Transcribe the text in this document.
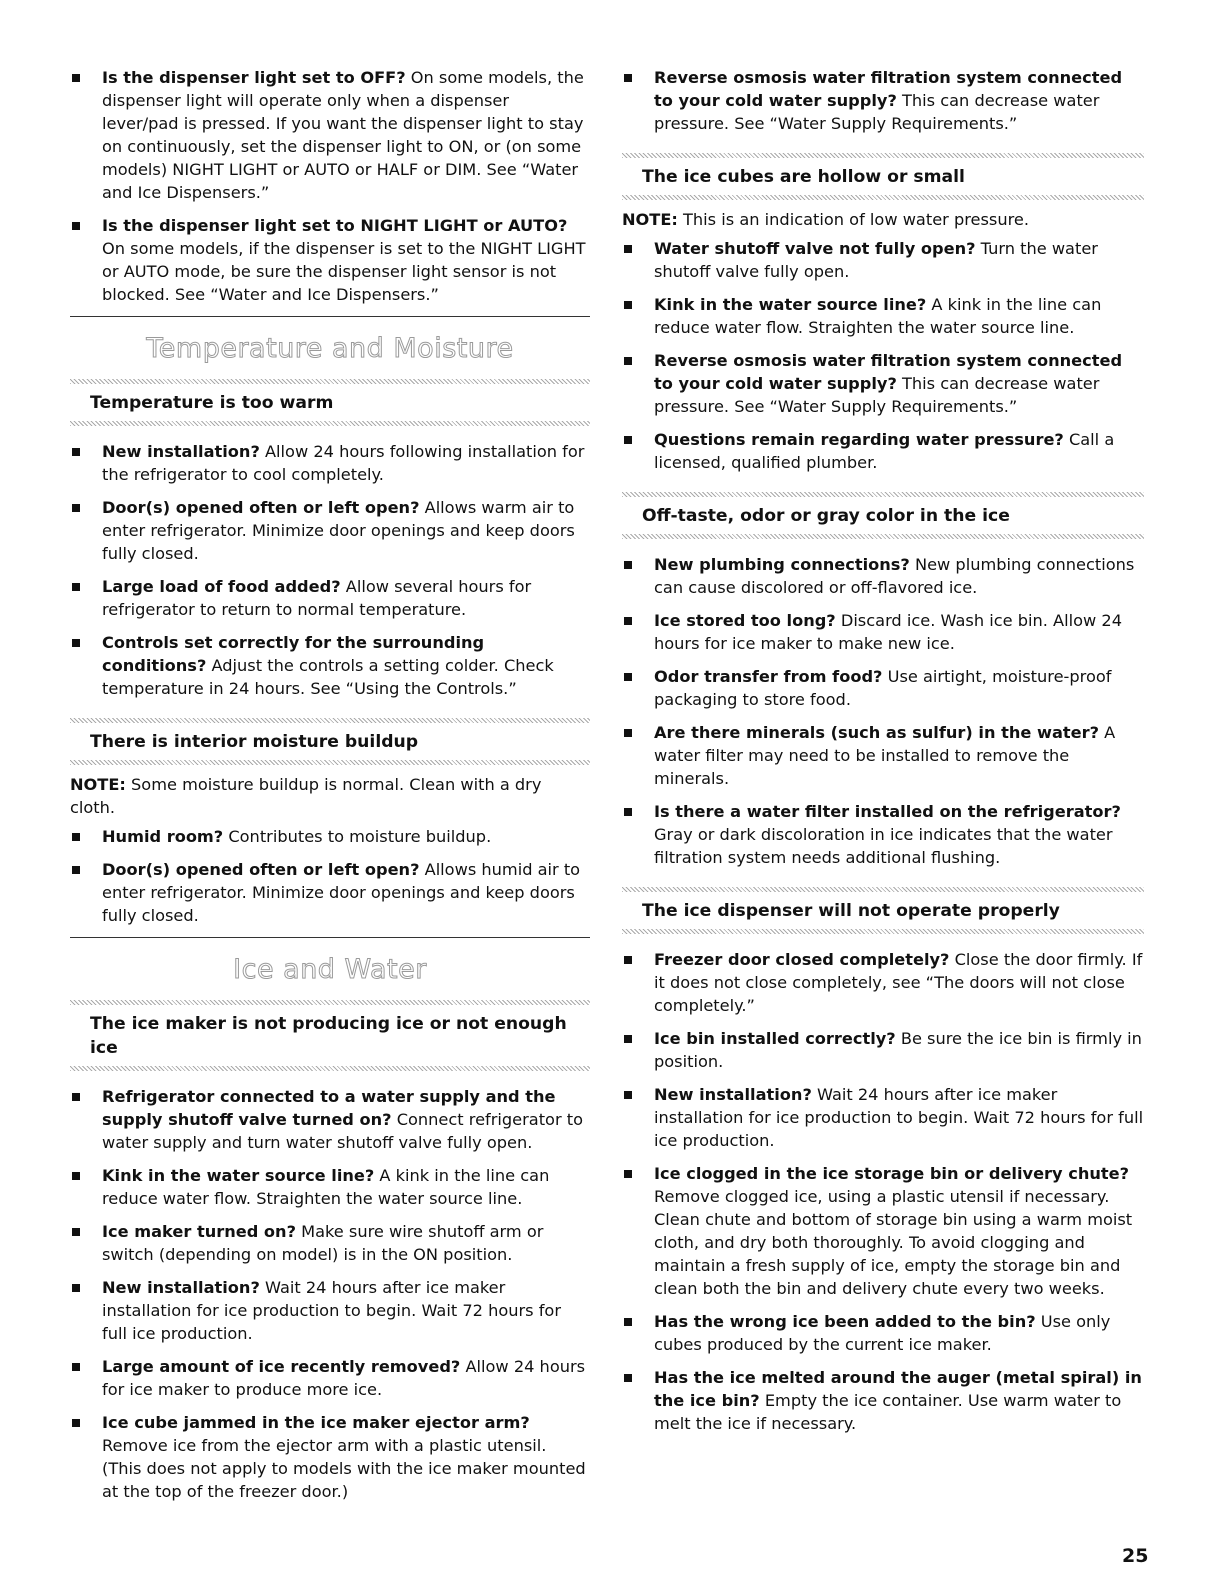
Is the dispenser light set to OFF? On some models, the dispenser light will operate only when a dispenser lever/pad is pressed. If you want the dispenser light to stay on continuously, set the dispenser light to ON, or (on some models) NIGHT LIGHT or AUTO or HALF or DIM. See “Water and Ice Dispensers.”
Is the dispenser light set to NIGHT LIGHT or AUTO? On some models, if the dispenser is set to the NIGHT LIGHT or AUTO mode, be sure the dispenser light sensor is not blocked. See “Water and Ice Dispensers.”
Temperature and Moisture
Temperature is too warm
New installation? Allow 24 hours following installation for the refrigerator to cool completely.
Door(s) opened often or left open? Allows warm air to enter refrigerator. Minimize door openings and keep doors fully closed.
Large load of food added? Allow several hours for refrigerator to return to normal temperature.
Controls set correctly for the surrounding conditions? Adjust the controls a setting colder. Check temperature in 24 hours. See “Using the Controls.”
There is interior moisture buildup
NOTE: Some moisture buildup is normal. Clean with a dry cloth.
Humid room? Contributes to moisture buildup.
Door(s) opened often or left open? Allows humid air to enter refrigerator. Minimize door openings and keep doors fully closed.
Ice and Water
The ice maker is not producing ice or not enough ice
Refrigerator connected to a water supply and the supply shutoff valve turned on? Connect refrigerator to water supply and turn water shutoff valve fully open.
Kink in the water source line? A kink in the line can reduce water flow. Straighten the water source line.
Ice maker turned on? Make sure wire shutoff arm or switch (depending on model) is in the ON position.
New installation? Wait 24 hours after ice maker installation for ice production to begin. Wait 72 hours for full ice production.
Large amount of ice recently removed? Allow 24 hours for ice maker to produce more ice.
Ice cube jammed in the ice maker ejector arm? Remove ice from the ejector arm with a plastic utensil. (This does not apply to models with the ice maker mounted at the top of the freezer door.)
Reverse osmosis water filtration system connected to your cold water supply? This can decrease water pressure. See “Water Supply Requirements.”
The ice cubes are hollow or small
NOTE: This is an indication of low water pressure.
Water shutoff valve not fully open? Turn the water shutoff valve fully open.
Kink in the water source line? A kink in the line can reduce water flow. Straighten the water source line.
Reverse osmosis water filtration system connected to your cold water supply? This can decrease water pressure. See “Water Supply Requirements.”
Questions remain regarding water pressure? Call a licensed, qualified plumber.
Off-taste, odor or gray color in the ice
New plumbing connections? New plumbing connections can cause discolored or off-flavored ice.
Ice stored too long? Discard ice. Wash ice bin. Allow 24 hours for ice maker to make new ice.
Odor transfer from food? Use airtight, moisture-proof packaging to store food.
Are there minerals (such as sulfur) in the water? A water filter may need to be installed to remove the minerals.
Is there a water filter installed on the refrigerator? Gray or dark discoloration in ice indicates that the water filtration system needs additional flushing.
The ice dispenser will not operate properly
Freezer door closed completely? Close the door firmly. If it does not close completely, see “The doors will not close completely.”
Ice bin installed correctly? Be sure the ice bin is firmly in position.
New installation? Wait 24 hours after ice maker installation for ice production to begin. Wait 72 hours for full ice production.
Ice clogged in the ice storage bin or delivery chute? Remove clogged ice, using a plastic utensil if necessary. Clean chute and bottom of storage bin using a warm moist cloth, and dry both thoroughly. To avoid clogging and maintain a fresh supply of ice, empty the storage bin and clean both the bin and delivery chute every two weeks.
Has the wrong ice been added to the bin? Use only cubes produced by the current ice maker.
Has the ice melted around the auger (metal spiral) in the ice bin? Empty the ice container. Use warm water to melt the ice if necessary.
25
